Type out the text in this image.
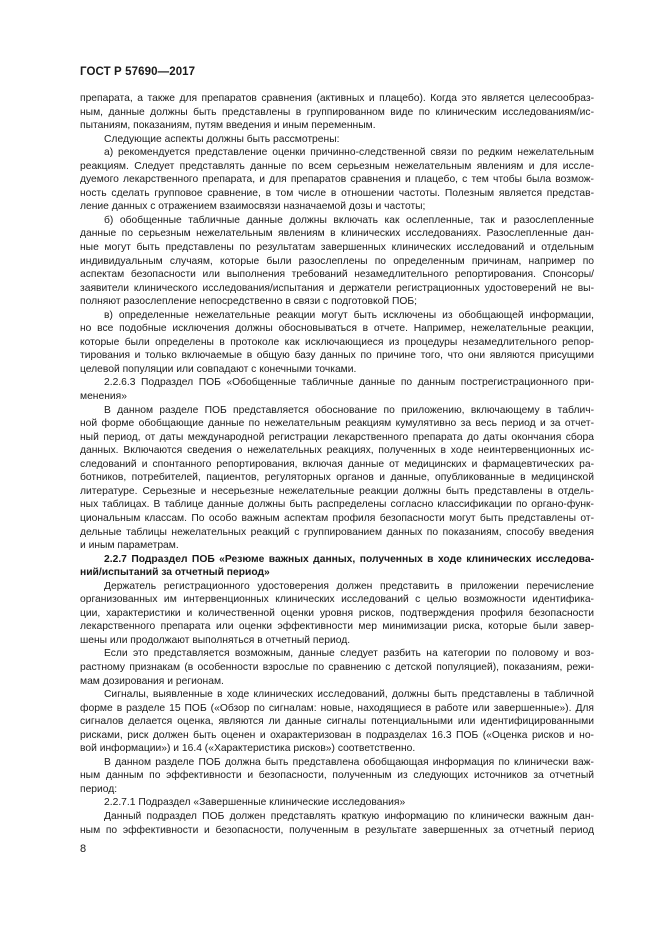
ГОСТ Р 57690—2017
препарата, а также для препаратов сравнения (активных и плацебо). Когда это является целесообраз-
ным, данные должны быть представлены в группированном виде по клиническим исследованиям/ис-
пытаниям, показаниям, путям введения и иным переменным.
Следующие аспекты должны быть рассмотрены:
а) рекомендуется представление оценки причинно-следственной связи по редким нежелательным
реакциям. Следует представлять данные по всем серьезным нежелательным явлениям и для иссле-
дуемого лекарственного препарата, и для препаратов сравнения и плацебо, с тем чтобы была возмож-
ность сделать групповое сравнение, в том числе в отношении частоты. Полезным является представ-
ление данных с отражением взаимосвязи назначаемой дозы и частоты;
б) обобщенные табличные данные должны включать как ослепленные, так и разослепленные
данные по серьезным нежелательным явлениям в клинических исследованиях. Разослепленные дан-
ные могут быть представлены по результатам завершенных клинических исследований и отдельным
индивидуальным случаям, которые были разослеплены по определенным причинам, например по
аспектам безопасности или выполнения требований незамедлительного репортирования. Спонсоры/
заявители клинического исследования/испытания и держатели регистрационных удостоверений не вы-
полняют разослепление непосредственно в связи с подготовкой ПОБ;
в) определенные нежелательные реакции могут быть исключены из обобщающей информации,
но все подобные исключения должны обосновываться в отчете. Например, нежелательные реакции,
которые были определены в протоколе как исключающиеся из процедуры незамедлительного репор-
тирования и только включаемые в общую базу данных по причине того, что они являются присущими
целевой популяции или совпадают с конечными точками.
2.2.6.3 Подраздел ПОБ «Обобщенные табличные данные по данным пострегистрационного при-
менения»
В данном разделе ПОБ представляется обоснование по приложению, включающему в таблич-
ной форме обобщающие данные по нежелательным реакциям кумулятивно за весь период и за отчет-
ный период, от даты международной регистрации лекарственного препарата до даты окончания сбора
данных. Включаются сведения о нежелательных реакциях, полученных в ходе неинтервенционных ис-
следований и спонтанного репортирования, включая данные от медицинских и фармацевтических ра-
ботников, потребителей, пациентов, регуляторных органов и данные, опубликованные в медицинской
литературе. Серьезные и несерьезные нежелательные реакции должны быть представлены в отдель-
ных таблицах. В таблице данные должны быть распределены согласно классификации по органо-функ-
циональным классам. По особо важным аспектам профиля безопасности могут быть представлены от-
дельные таблицы нежелательных реакций с группированием данных по показаниям, способу введения
и иным параметрам.
2.2.7 Подраздел ПОБ «Резюме важных данных, полученных в ходе клинических исследова-
ний/испытаний за отчетный период»
Держатель регистрационного удостоверения должен представить в приложении перечисление
организованных им интервенционных клинических исследований с целью возможности идентифика-
ции, характеристики и количественной оценки уровня рисков, подтверждения профиля безопасности
лекарственного препарата или оценки эффективности мер минимизации риска, которые были завер-
шены или продолжают выполняться в отчетный период.
Если это представляется возможным, данные следует разбить на категории по половому и воз-
растному признакам (в особенности взрослые по сравнению с детской популяцией), показаниям, режи-
мам дозирования и регионам.
Сигналы, выявленные в ходе клинических исследований, должны быть представлены в табличной
форме в разделе 15 ПОБ («Обзор по сигналам: новые, находящиеся в работе или завершенные»). Для
сигналов делается оценка, являются ли данные сигналы потенциальными или идентифицированными
рисками, риск должен быть оценен и охарактеризован в подразделах 16.3 ПОБ («Оценка рисков и но-
вой информации») и 16.4 («Характеристика рисков») соответственно.
В данном разделе ПОБ должна быть представлена обобщающая информация по клинически важ-
ным данным по эффективности и безопасности, полученным из следующих источников за отчетный
период:
2.2.7.1 Подраздел «Завершенные клинические исследования»
Данный подраздел ПОБ должен представлять краткую информацию по клинически важным дан-
ным по эффективности и безопасности, полученным в результате завершенных за отчетный период
8
